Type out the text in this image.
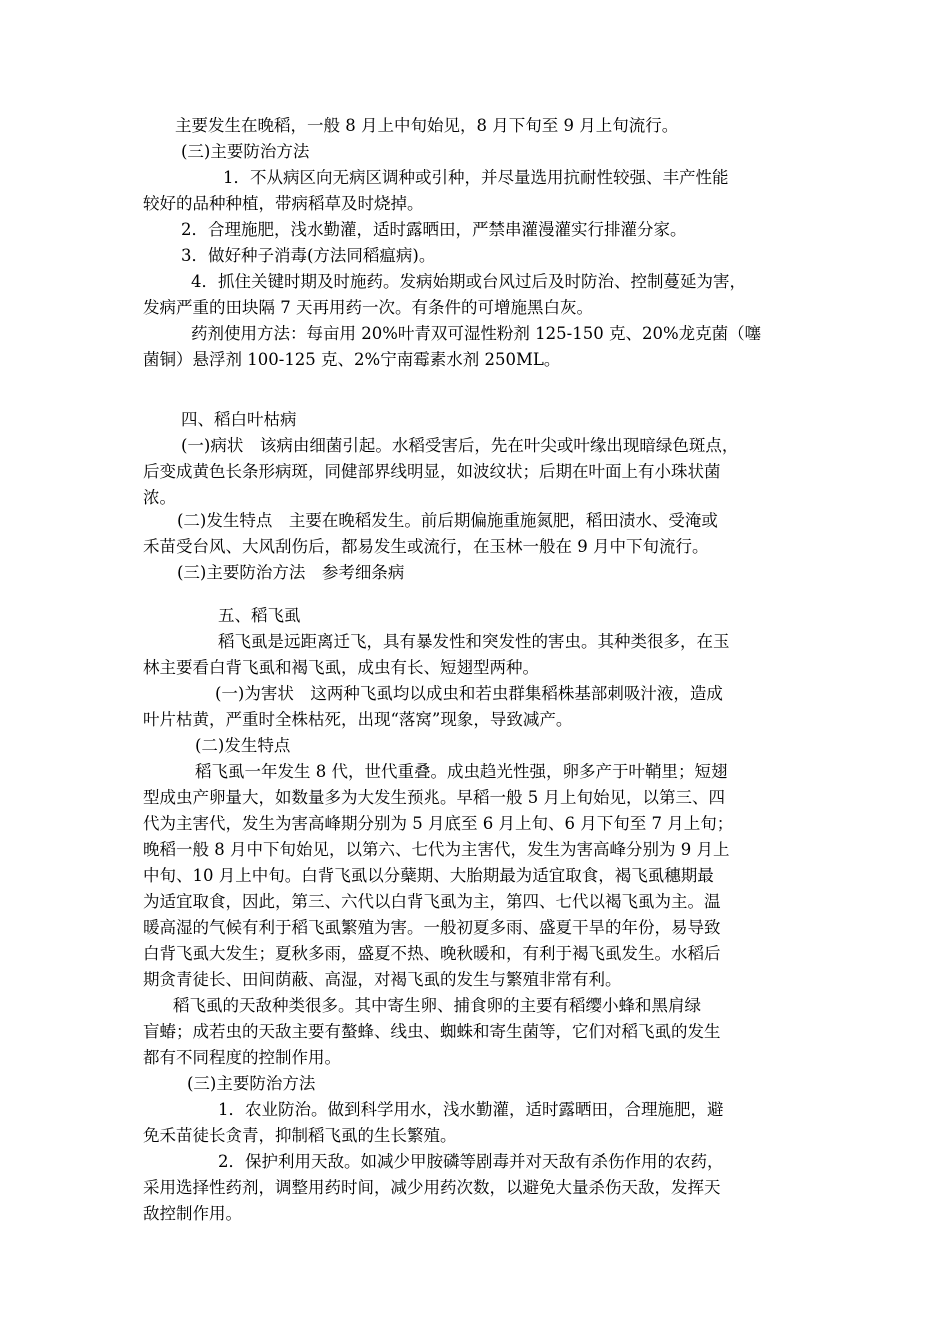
主要发生在晚稻，一般 8 月上中旬始见，8 月下旬至 9 月上旬流行。
(三)主要防治方法
1．不从病区向无病区调种或引种，并尽量选用抗耐性较强、丰产性能
较好的品种种植，带病稻草及时烧掉。
2．合理施肥，浅水勤灌，适时露晒田，严禁串灌漫灌实行排灌分家。
3．做好种子消毒(方法同稻瘟病)。
4．抓住关键时期及时施药。发病始期或台风过后及时防治、控制蔓延为害，
发病严重的田块隔 7 天再用药一次。有条件的可增施黑白灰。
药剂使用方法：每亩用 20%叶青双可湿性粉剂 125-150 克、20%龙克菌（噻
菌铜）悬浮剂 100-125 克、2%宁南霉素水剂 250ML。
四、稻白叶枯病
(一)病状　该病由细菌引起。水稻受害后，先在叶尖或叶缘出现暗绿色斑点，
后变成黄色长条形病斑，同健部界线明显，如波纹状；后期在叶面上有小珠状菌
浓。
(二)发生特点　主要在晚稻发生。前后期偏施重施氮肥，稻田渍水、受淹或
禾苗受台风、大风刮伤后，都易发生或流行，在玉林一般在 9 月中下旬流行。
(三)主要防治方法　参考细条病
五、稻飞虱
稻飞虱是远距离迁飞，具有暴发性和突发性的害虫。其种类很多，在玉
林主要看白背飞虱和褐飞虱，成虫有长、短翅型两种。
(一)为害状　这两种飞虱均以成虫和若虫群集稻株基部刺吸汁液，造成
叶片枯黄，严重时全株枯死，出现“落窝”现象，导致减产。
(二)发生特点
稻飞虱一年发生 8 代，世代重叠。成虫趋光性强，卵多产于叶鞘里；短翅
型成虫产卵量大，如数量多为大发生预兆。早稻一般 5 月上旬始见，以第三、四
代为主害代，发生为害高峰期分别为 5 月底至 6 月上旬、6 月下旬至 7 月上旬；
晚稻一般 8 月中下旬始见，以第六、七代为主害代，发生为害高峰分别为 9 月上
中旬、10 月上中旬。白背飞虱以分蘖期、大胎期最为适宜取食，褐飞虱穗期最
为适宜取食，因此，第三、六代以白背飞虱为主，第四、七代以褐飞虱为主。温
暖高湿的气候有利于稻飞虱繁殖为害。一般初夏多雨、盛夏干旱的年份，易导致
白背飞虱大发生；夏秋多雨，盛夏不热、晚秋暖和，有利于褐飞虱发生。水稻后
期贪青徒长、田间荫蔽、高湿，对褐飞虱的发生与繁殖非常有利。
稻飞虱的天敌种类很多。其中寄生卵、捕食卵的主要有稻缨小蜂和黑肩绿
盲蝽；成若虫的天敌主要有螯蜂、线虫、蜘蛛和寄生菌等，它们对稻飞虱的发生
都有不同程度的控制作用。
(三)主要防治方法
1．农业防治。做到科学用水，浅水勤灌，适时露晒田，合理施肥，避
免禾苗徒长贪青，抑制稻飞虱的生长繁殖。
2．保护利用天敌。如减少甲胺磷等剧毒并对天敌有杀伤作用的农药，
采用选择性药剂，调整用药时间，减少用药次数，以避免大量杀伤天敌，发挥天
敌控制作用。
